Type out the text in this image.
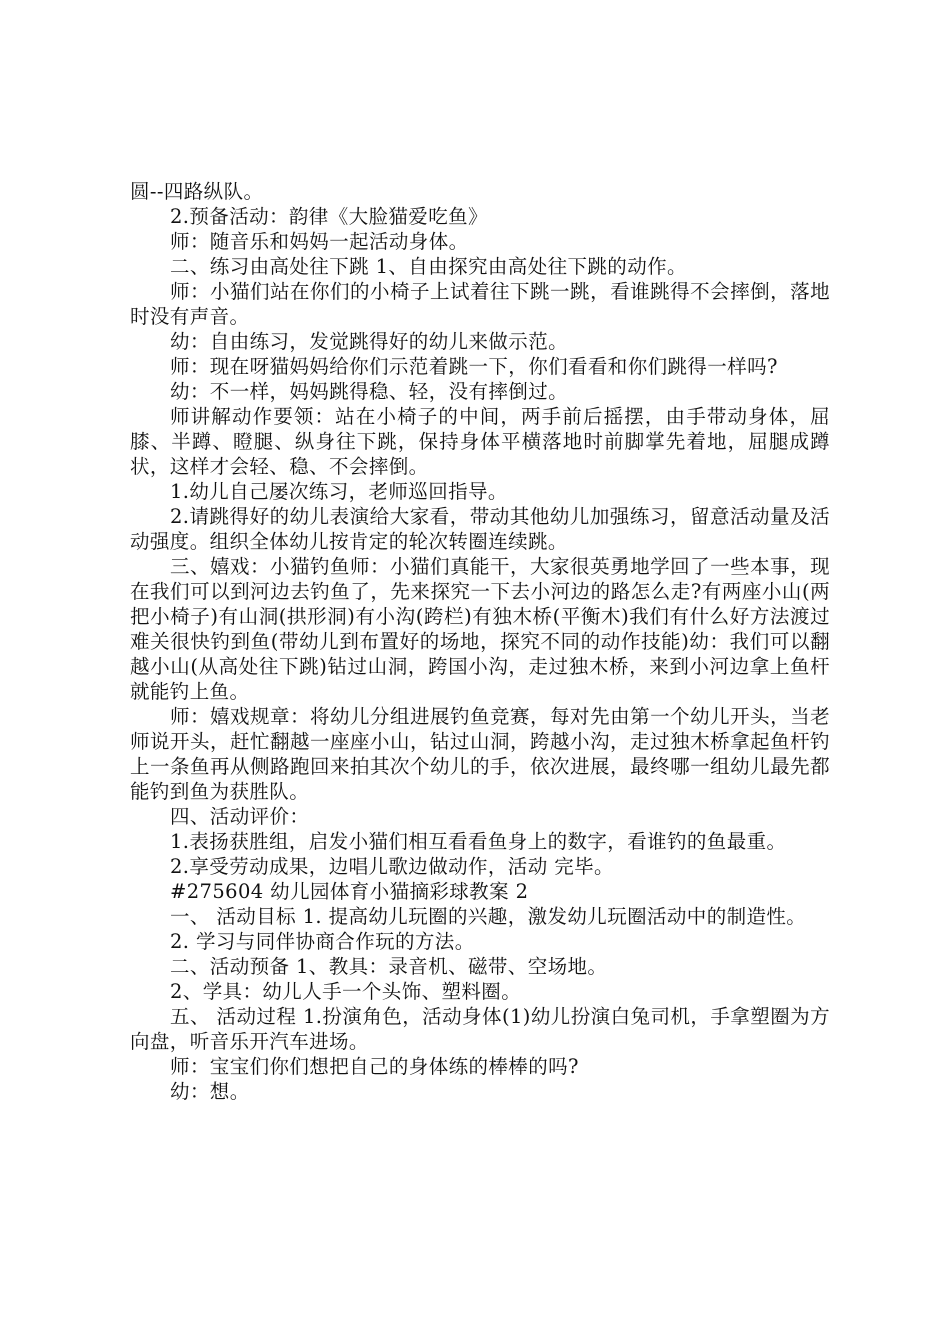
圆--四路纵队。

2.预备活动：韵律《大脸猫爱吃鱼》

师：随音乐和妈妈一起活动身体。

二、练习由高处往下跳 1、自由探究由高处往下跳的动作。

师：小猫们站在你们的小椅子上试着往下跳一跳，看谁跳得不会摔倒，落地时没有声音。

幼：自由练习，发觉跳得好的幼儿来做示范。

师：现在呀猫妈妈给你们示范着跳一下，你们看看和你们跳得一样吗?

幼：不一样，妈妈跳得稳、轻，没有摔倒过。

师讲解动作要领：站在小椅子的中间，两手前后摇摆，由手带动身体，屈膝、半蹲、瞪腿、纵身往下跳，保持身体平横落地时前脚掌先着地，屈腿成蹲状，这样才会轻、稳、不会摔倒。

1.幼儿自己屡次练习，老师巡回指导。

2.请跳得好的幼儿表演给大家看，带动其他幼儿加强练习，留意活动量及活动强度。组织全体幼儿按肯定的轮次转圈连续跳。

三、嬉戏：小猫钓鱼师：小猫们真能干，大家很英勇地学回了一些本事，现在我们可以到河边去钓鱼了，先来探究一下去小河边的路怎么走?有两座小山(两把小椅子)有山洞(拱形洞)有小沟(跨栏)有独木桥(平衡木)我们有什么好方法渡过难关很快钓到鱼(带幼儿到布置好的场地，探究不同的动作技能)幼：我们可以翻越小山(从高处往下跳)钻过山洞，跨国小沟，走过独木桥，来到小河边拿上鱼杆就能钓上鱼。

师：嬉戏规章：将幼儿分组进展钓鱼竞赛，每对先由第一个幼儿开头，当老师说开头，赶忙翻越一座座小山，钻过山洞，跨越小沟，走过独木桥拿起鱼杆钓上一条鱼再从侧路跑回来拍其次个幼儿的手，依次进展，最终哪一组幼儿最先都能钓到鱼为获胜队。

四、活动评价：

1.表扬获胜组，启发小猫们相互看看鱼身上的数字，看谁钓的鱼最重。

2.享受劳动成果，边唱儿歌边做动作，活动 完毕。

#275604 幼儿园体育小猫摘彩球教案 2

一、 活动目标 1. 提高幼儿玩圈的兴趣，激发幼儿玩圈活动中的制造性。

2. 学习与同伴协商合作玩的方法。

二、活动预备 1、教具：录音机、磁带、空场地。

2、学具：幼儿人手一个头饰、塑料圈。

五、 活动过程 1.扮演角色，活动身体(1)幼儿扮演白兔司机，手拿塑圈为方向盘，听音乐开汽车进场。

师：宝宝们你们想把自己的身体练的棒棒的吗?

幼：想。
